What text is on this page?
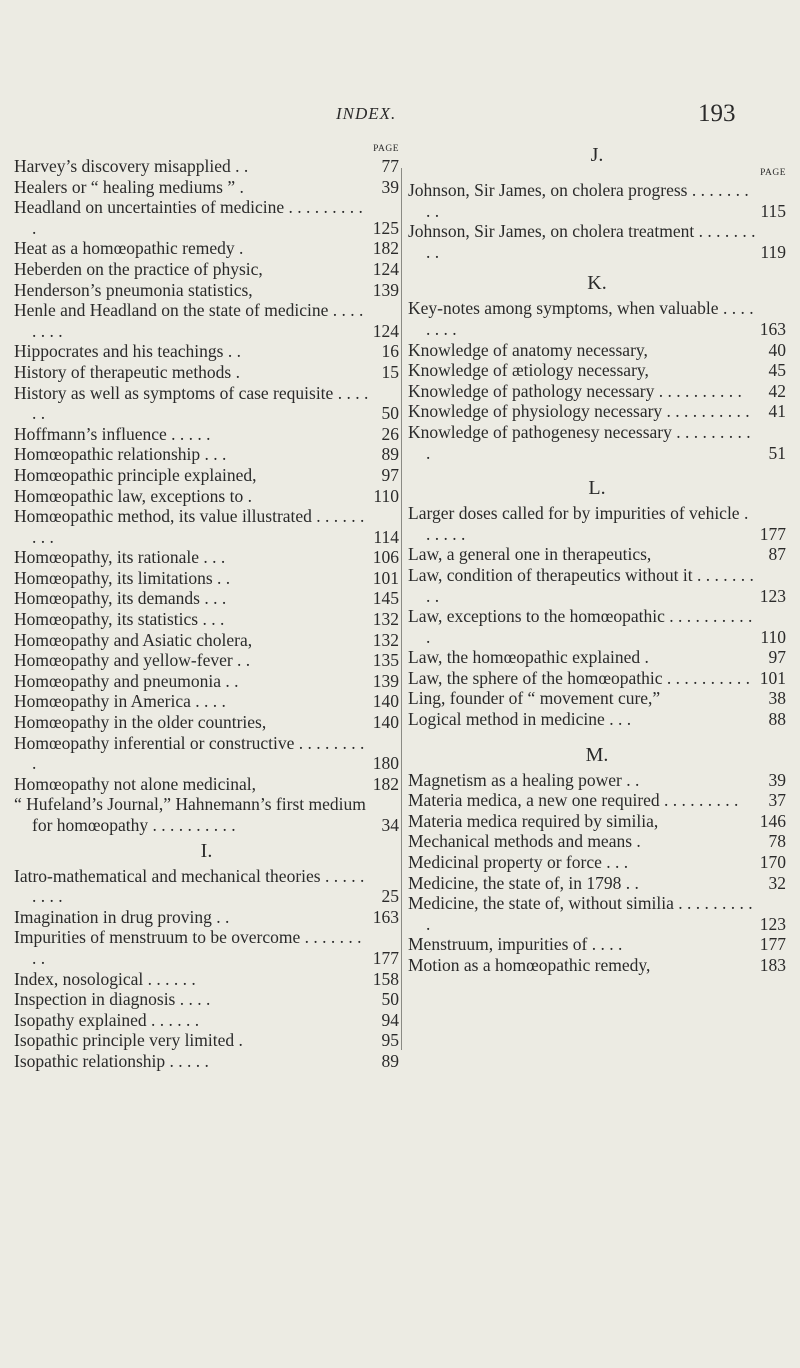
INDEX.	193
PAGE
Harvey’s discovery misapplied . .	77
Healers or “ healing mediums ” .	39
Headland on uncertainties of medicine . . . . . . . . . .	125
Heat as a homœopathic remedy .	182
Heberden on the practice of physic,	124
Henderson’s pneumonia statistics,	139
Henle and Headland on the state of medicine . . . . . . . .	124
Hippocrates and his teachings . .	16
History of therapeutic methods .	15
History as well as symptoms of case requisite . . . . . .	50
Hoffmann’s influence . . . . .	26
Homœopathic relationship . . .	89
Homœopathic principle explained,	97
Homœopathic law, exceptions to .	110
Homœopathic method, its value illustrated . . . . . . . . .	114
Homœopathy, its rationale . . .	106
Homœopathy, its limitations . .	101
Homœopathy, its demands . . .	145
Homœopathy, its statistics . . .	132
Homœopathy and Asiatic cholera,	132
Homœopathy and yellow-fever . .	135
Homœopathy and pneumonia . .	139
Homœopathy in America . . . .	140
Homœopathy in the older countries,	140
Homœopathy inferential or constructive . . . . . . . . .	180
Homœopathy not alone medicinal,	182
“ Hufeland’s Journal,” Hahnemann’s first medium for homœopathy . . . . . . . . . .	34
I.
Iatro-mathematical and mechanical theories . . . . . . . . .	25
Imagination in drug proving . .	163
Impurities of menstruum to be overcome . . . . . . . . .	177
Index, nosological . . . . . .	158
Inspection in diagnosis . . . .	50
Isopathy explained . . . . . .	94
Isopathic principle very limited .	95
Isopathic relationship . . . . .	89
J.
PAGE
Johnson, Sir James, on cholera progress . . . . . . . . .	115
Johnson, Sir James, on cholera treatment . . . . . . . . .	119
K.
Key-notes among symptoms, when valuable . . . . . . . .	163
Knowledge of anatomy necessary,	40
Knowledge of ætiology necessary,	45
Knowledge of pathology necessary . . . . . . . . . .	42
Knowledge of physiology necessary . . . . . . . . . .	41
Knowledge of pathogenesy necessary . . . . . . . . . .	51
L.
Larger doses called for by impurities of vehicle . . . . . .	177
Law, a general one in therapeutics,	87
Law, condition of therapeutics without it . . . . . . . . .	123
Law, exceptions to the homœopathic . . . . . . . . . . .	110
Law, the homœopathic explained .	97
Law, the sphere of the homœopathic . . . . . . . . . . 101
Ling, founder of “ movement cure,”	38
Logical method in medicine . . .	88
M.
Magnetism as a healing power . .	39
Materia medica, a new one required . . . . . . . . .	37
Materia medica required by similia,	146
Mechanical methods and means .	78
Medicinal property or force . . .	170
Medicine, the state of, in 1798 . .	32
Medicine, the state of, without similia . . . . . . . . . .	123
Menstruum, impurities of . . . .	177
Motion as a homœopathic remedy,	183
